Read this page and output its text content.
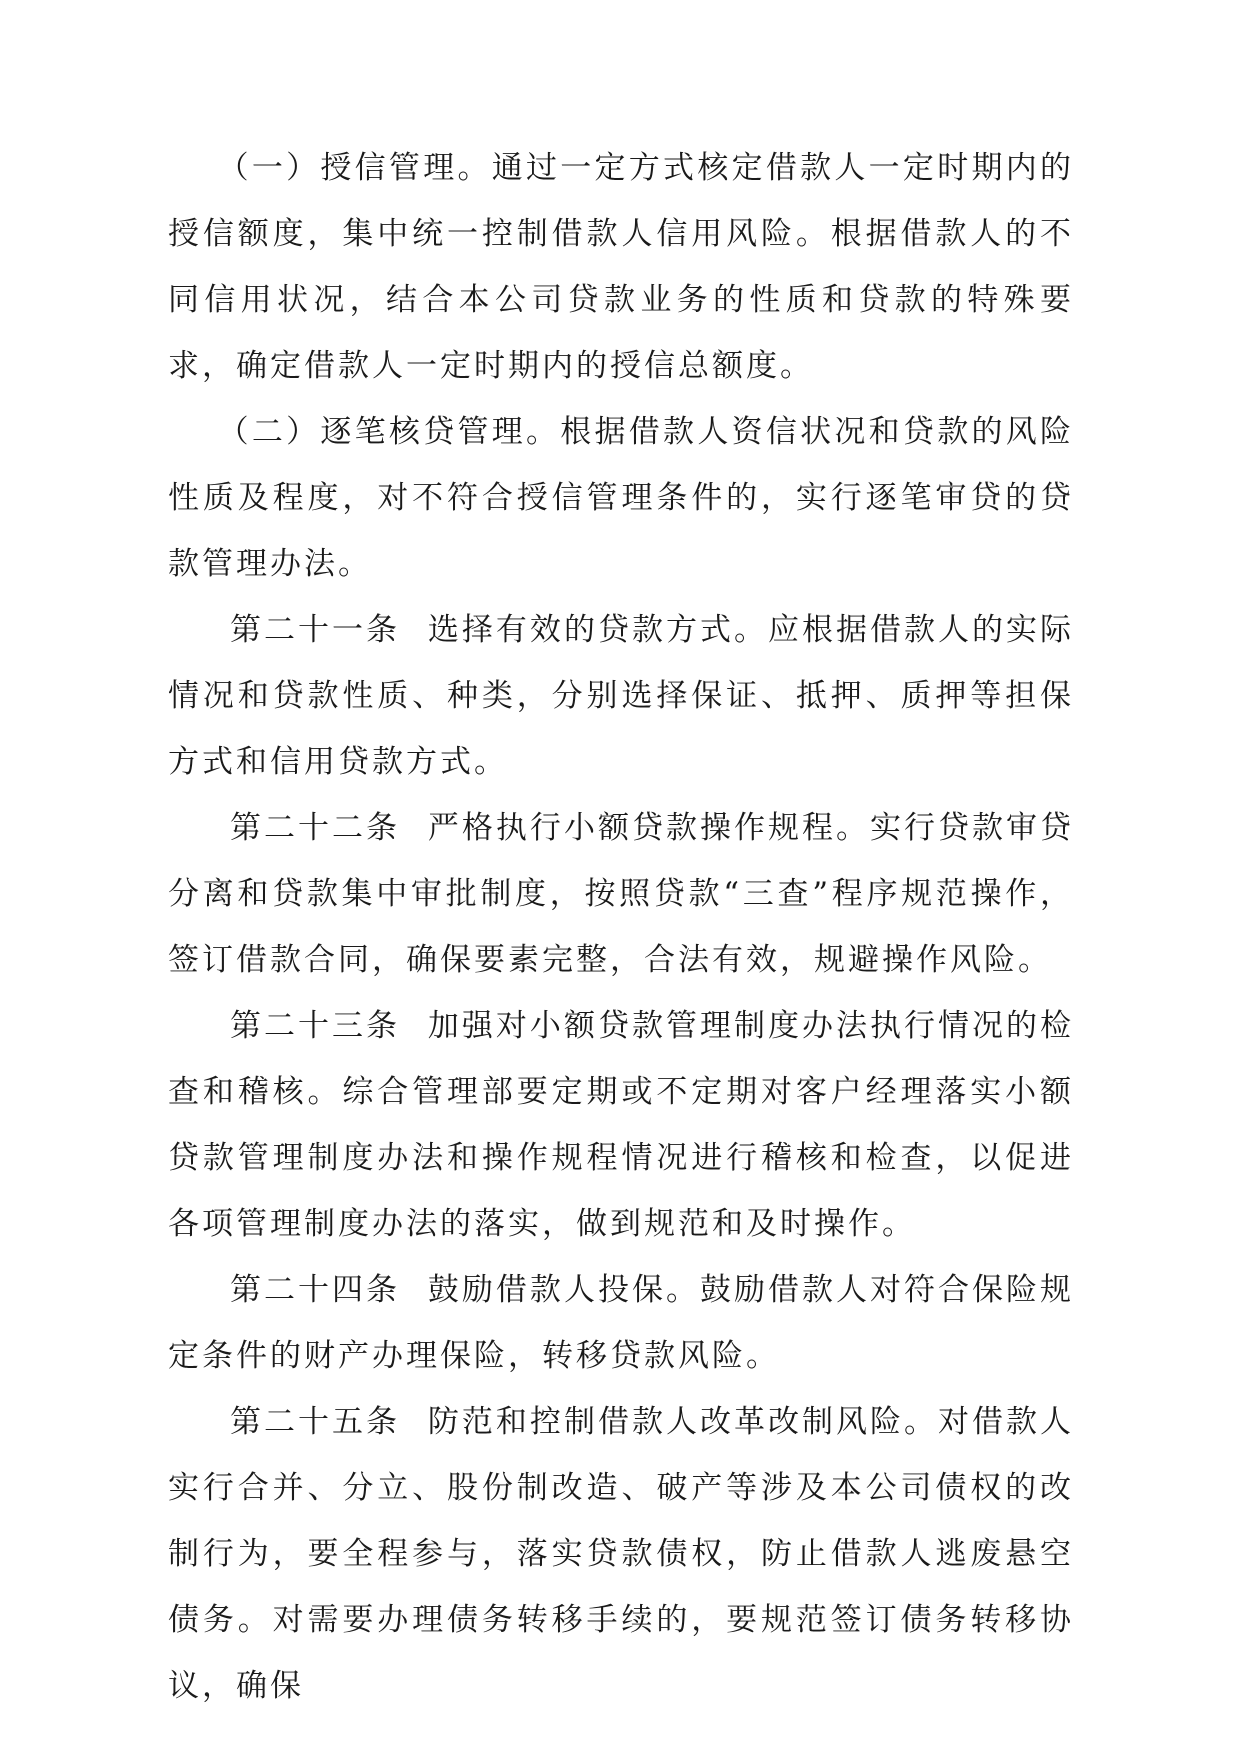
（一）授信管理。通过一定方式核定借款人一定时期内的授信额度，集中统一控制借款人信用风险。根据借款人的不同信用状况，结合本公司贷款业务的性质和贷款的特殊要求，确定借款人一定时期内的授信总额度。

（二）逐笔核贷管理。根据借款人资信状况和贷款的风险性质及程度，对不符合授信管理条件的，实行逐笔审贷的贷款管理办法。

第二十一条 选择有效的贷款方式。应根据借款人的实际情况和贷款性质、种类，分别选择保证、抵押、质押等担保方式和信用贷款方式。

第二十二条 严格执行小额贷款操作规程。实行贷款审贷分离和贷款集中审批制度，按照贷款“三查”程序规范操作，签订借款合同，确保要素完整，合法有效，规避操作风险。

第二十三条 加强对小额贷款管理制度办法执行情况的检查和稽核。综合管理部要定期或不定期对客户经理落实小额贷款管理制度办法和操作规程情况进行稽核和检查，以促进各项管理制度办法的落实，做到规范和及时操作。

第二十四条 鼓励借款人投保。鼓励借款人对符合保险规定条件的财产办理保险，转移贷款风险。

第二十五条 防范和控制借款人改革改制风险。对借款人实行合并、分立、股份制改造、破产等涉及本公司债权的改制行为，要全程参与，落实贷款债权，防止借款人逃废悬空债务。对需要办理债务转移手续的，要规范签订债务转移协议，确保
